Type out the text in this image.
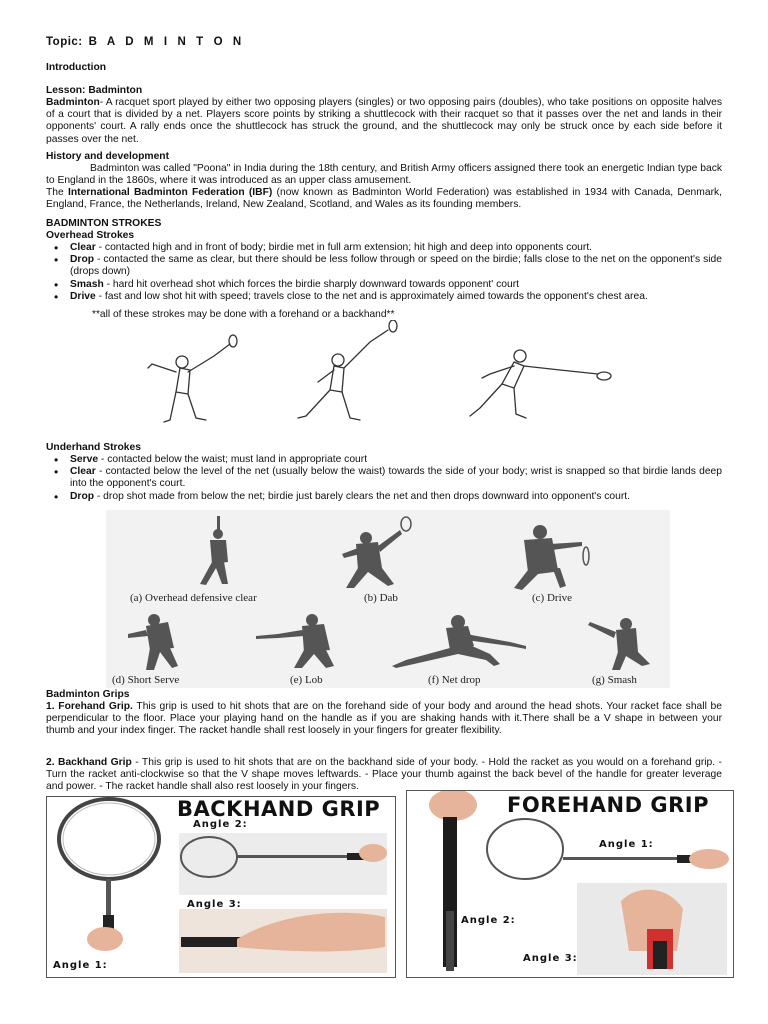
Topic: B A D M I N T O N
Introduction
Lesson: Badminton
Badminton- A racquet sport played by either two opposing players (singles) or two opposing pairs (doubles), who take positions on opposite halves of a court that is divided by a net. Players score points by striking a shuttlecock with their racquet so that it passes over the net and lands in their opponents' court. A rally ends once the shuttlecock has struck the ground, and the shuttlecock may only be struck once by each side before it passes over the net.
History and development
Badminton was called "Poona" in India during the 18th century, and British Army officers assigned there took an energetic Indian type back to England in the 1860s, where it was introduced as an upper class amusement.
The International Badminton Federation (IBF) (now known as Badminton World Federation) was established in 1934 with Canada, Denmark, England, France, the Netherlands, Ireland, New Zealand, Scotland, and Wales as its founding members.
BADMINTON STROKES
Overhead Strokes
• Clear - contacted high and in front of body; birdie met in full arm extension; hit high and deep into opponents court.
• Drop - contacted the same as clear, but there should be less follow through or speed on the birdie; falls close to the net on the opponent's side (drops down)
• Smash - hard hit overhead shot which forces the birdie sharply downward towards opponent' court
• Drive - fast and low shot hit with speed; travels close to the net and is approximately aimed towards the opponent's chest area.
**all of these strokes may be done with a forehand or a backhand**
Underhand Strokes
• Serve - contacted below the waist; must land in appropriate court
• Clear - contacted below the level of the net (usually below the waist) towards the side of your body; wrist is snapped so that birdie lands deep into the opponent's court.
• Drop - drop shot made from below the net; birdie just barely clears the net and then drops downward into opponent's court.
(a) Overhead defensive clear	(b) Dab	(c) Drive
(d) Short Serve	(e) Lob	(f) Net drop	(g) Smash
Badminton Grips
1. Forehand Grip. This grip is used to hit shots that are on the forehand side of your body and around the head shots. Your racket face shall be perpendicular to the floor. Place your playing hand on the handle as if you are shaking hands with it.There shall be a V shape in between your thumb and your index finger. The racket handle shall rest loosely in your fingers for greater flexibility.
2. Backhand Grip - This grip is used to hit shots that are on the backhand side of your body. - Hold the racket as you would on a forehand grip. - Turn the racket anti-clockwise so that the V shape moves leftwards. - Place your thumb against the back bevel of the handle for greater leverage and power. - The racket handle shall also rest loosely in your fingers.
BACKHAND GRIP
Angle 2:
Angle 3:
Angle 1:
FOREHAND GRIP
Angle 1:
Angle 2:
Angle 3:
